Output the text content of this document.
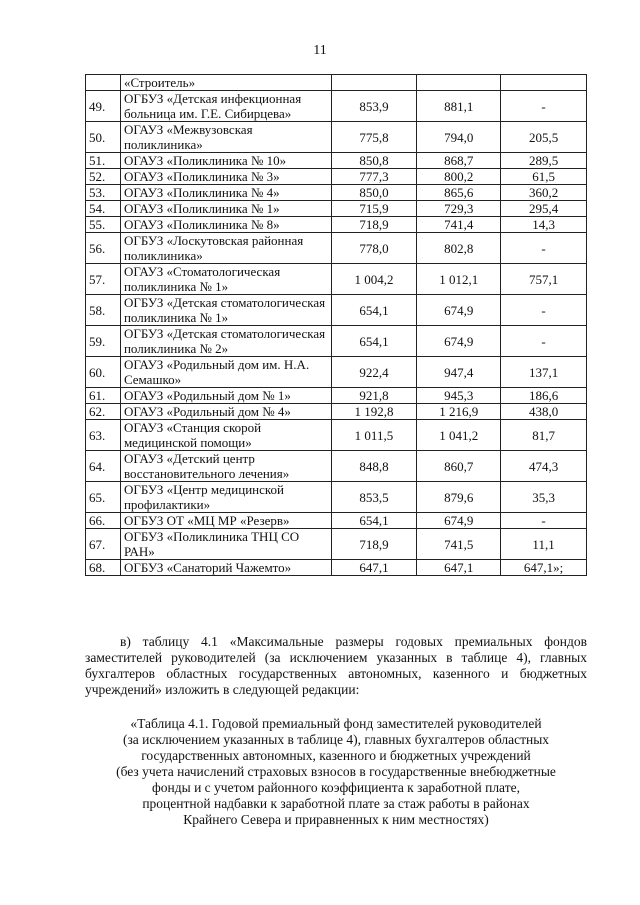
11
	«Строитель»			
49.	ОГБУЗ «Детская инфекционная больница им. Г.Е. Сибирцева»	853,9	881,1	-
50.	ОГАУЗ «Межвузовская поликлиника»	775,8	794,0	205,5
51.	ОГАУЗ «Поликлиника № 10»	850,8	868,7	289,5
52.	ОГАУЗ «Поликлиника № 3»	777,3	800,2	61,5
53.	ОГАУЗ «Поликлиника № 4»	850,0	865,6	360,2
54.	ОГАУЗ «Поликлиника № 1»	715,9	729,3	295,4
55.	ОГАУЗ «Поликлиника № 8»	718,9	741,4	14,3
56.	ОГБУЗ «Лоскутовская районная поликлиника»	778,0	802,8	-
57.	ОГАУЗ «Стоматологическая поликлиника № 1»	1 004,2	1 012,1	757,1
58.	ОГБУЗ «Детская стоматологическая поликлиника № 1»	654,1	674,9	-
59.	ОГБУЗ «Детская стоматологическая поликлиника № 2»	654,1	674,9	-
60.	ОГАУЗ «Родильный дом им. Н.А. Семашко»	922,4	947,4	137,1
61.	ОГАУЗ «Родильный дом № 1»	921,8	945,3	186,6
62.	ОГАУЗ «Родильный дом № 4»	1 192,8	1 216,9	438,0
63.	ОГАУЗ «Станция скорой медицинской помощи»	1 011,5	1 041,2	81,7
64.	ОГАУЗ «Детский центр восстановительного лечения»	848,8	860,7	474,3
65.	ОГБУЗ «Центр медицинской профилактики»	853,5	879,6	35,3
66.	ОГБУЗ ОТ «МЦ МР «Резерв»	654,1	674,9	-
67.	ОГБУЗ «Поликлиника ТНЦ СО РАН»	718,9	741,5	11,1
68.	ОГБУЗ «Санаторий Чажемто»	647,1	647,1	647,1»;
в) таблицу 4.1 «Максимальные размеры годовых премиальных фондов заместителей руководителей (за исключением указанных в таблице 4), главных бухгалтеров областных государственных автономных, казенного и бюджетных учреждений» изложить в следующей редакции:
«Таблица 4.1. Годовой премиальный фонд заместителей руководителей
(за исключением указанных в таблице 4), главных бухгалтеров областных
государственных автономных, казенного и бюджетных учреждений
(без учета начислений страховых взносов в государственные внебюджетные
фонды и с учетом районного коэффициента к заработной плате,
процентной надбавки к заработной плате за стаж работы в районах
Крайнего Севера и приравненных к ним местностях)
